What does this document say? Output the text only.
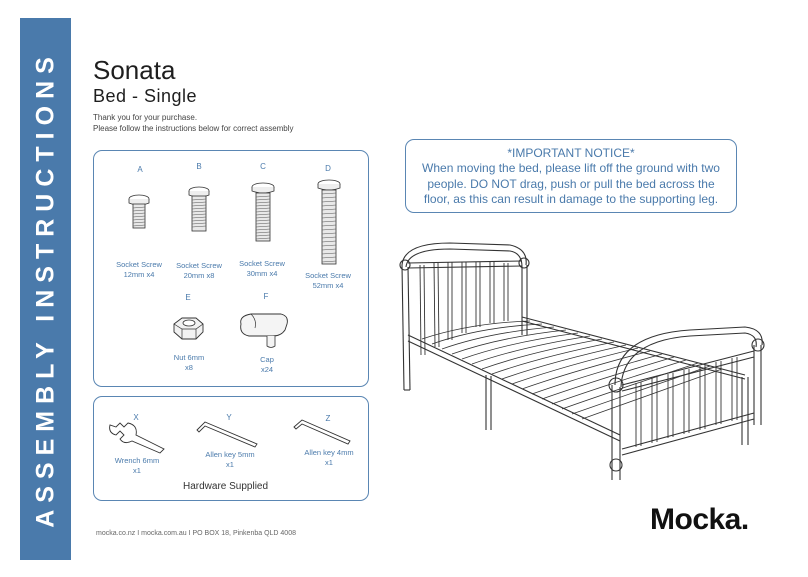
ASSEMBLY INSTRUCTIONS Sonata
Bed - Single
Thank you for your purchase.
Please follow the instructions below for correct assembly
A	B	C	D
E	F
Socket Screw
12mm x4
Socket Screw
20mm x8
Socket Screw
30mm x4	Socket Screw
52mm x4
Nut 6mm
x8
Cap
x24
X	Y	Z
Wrench 6mm
x1
Allen key 5mm
x1
Allen key 4mm
x1
Hardware Supplied
*IMPORTANT NOTICE*
When moving the bed, please lift off the ground with two
people. DO NOT drag, push or pull the bed across the
floor, as this can result in damage to the supporting leg.
mocka.co.nz I mocka.com.au I PO BOX 18, Pinkenba QLD 4008	Mocka.
